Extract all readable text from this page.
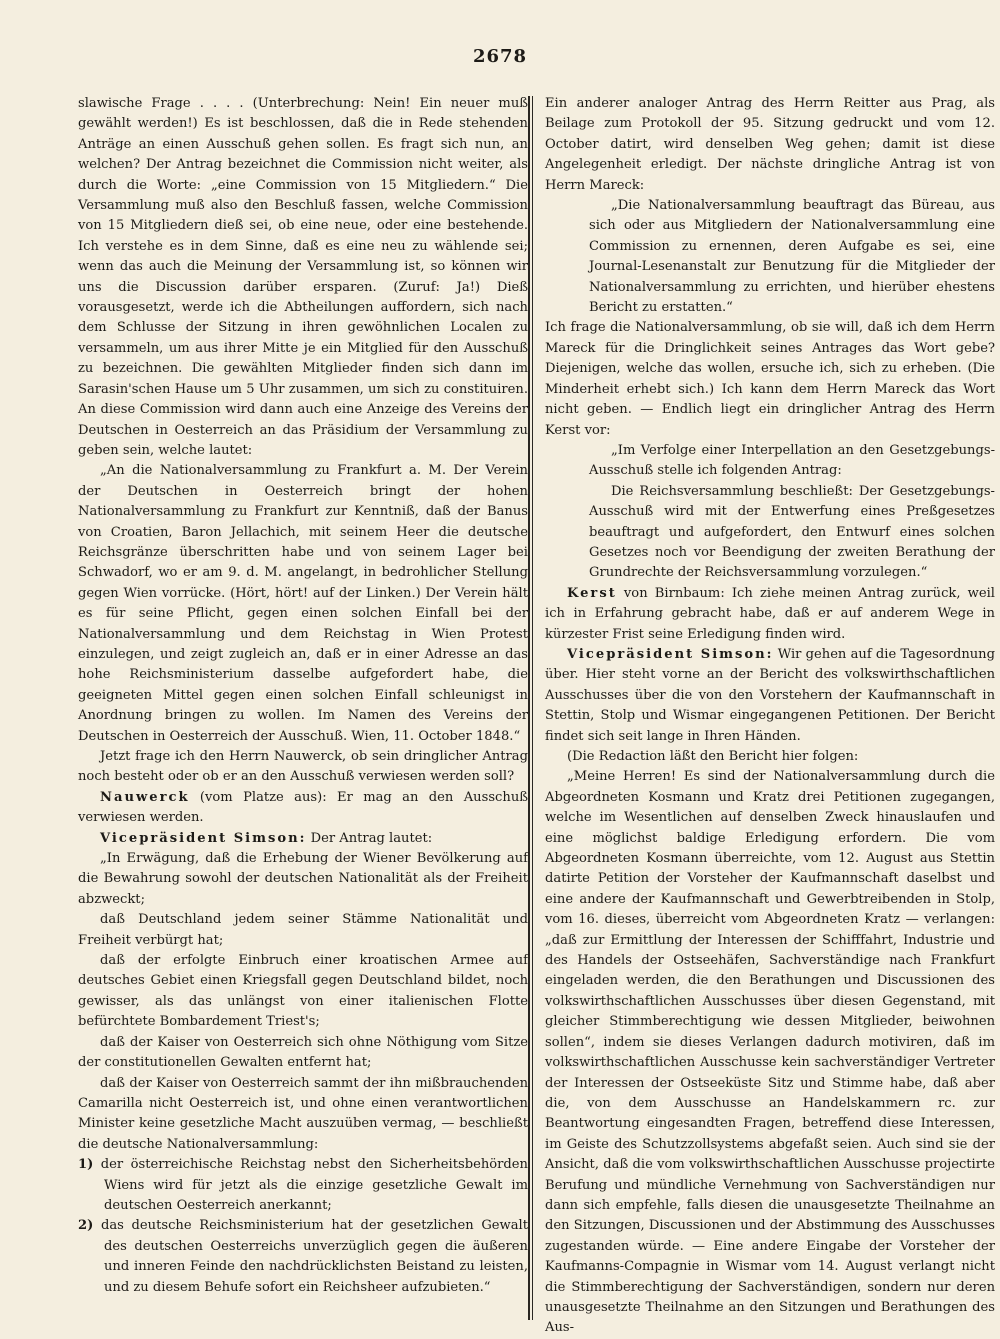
2678

slawische Frage . . . . (Unterbrechung: Nein! Ein neuer muß gewählt werden!) Es ist beschlossen, daß die in Rede stehenden Anträge an einen Ausschuß gehen sollen. Es fragt sich nun, an welchen? Der Antrag bezeichnet die Commission nicht weiter, als durch die Worte: „eine Commission von 15 Mitgliedern.“ Die Versammlung muß also den Beschluß fassen, welche Commission von 15 Mitgliedern dieß sei, ob eine neue, oder eine bestehende. Ich verstehe es in dem Sinne, daß es eine neu zu wählende sei; wenn das auch die Meinung der Versammlung ist, so können wir uns die Discussion darüber ersparen. (Zuruf: Ja!) Dieß vorausgesetzt, werde ich die Abtheilungen auffordern, sich nach dem Schlusse der Sitzung in ihren gewöhnlichen Localen zu versammeln, um aus ihrer Mitte je ein Mitglied für den Ausschuß zu bezeichnen. Die gewählten Mitglieder finden sich dann im Sarasin'schen Hause um 5 Uhr zusammen, um sich zu constituiren. An diese Commission wird dann auch eine Anzeige des Vereins der Deutschen in Oesterreich an das Präsidium der Versammlung zu geben sein, welche lautet:

„An die Nationalversammlung zu Frankfurt a. M. Der Verein der Deutschen in Oesterreich bringt der hohen Nationalversammlung zu Frankfurt zur Kenntniß, daß der Banus von Croatien, Baron Jellachich, mit seinem Heer die deutsche Reichsgränze überschritten habe und von seinem Lager bei Schwadorf, wo er am 9. d. M. angelangt, in bedrohlicher Stellung gegen Wien vorrücke. (Hört, hört! auf der Linken.) Der Verein hält es für seine Pflicht, gegen einen solchen Einfall bei der Nationalversammlung und dem Reichstag in Wien Protest einzulegen, und zeigt zugleich an, daß er in einer Adresse an das hohe Reichsministerium dasselbe aufgefordert habe, die geeigneten Mittel gegen einen solchen Einfall schleunigst in Anordnung bringen zu wollen. Im Namen des Vereins der Deutschen in Oesterreich der Ausschuß. Wien, 11. October 1848.“

Jetzt frage ich den Herrn Nauwerck, ob sein dringlicher Antrag noch besteht oder ob er an den Ausschuß verwiesen werden soll?

Nauwerck (vom Platze aus): Er mag an den Ausschuß verwiesen werden.

Vicepräsident Simson: Der Antrag lautet:

„In Erwägung, daß die Erhebung der Wiener Bevölkerung auf die Bewahrung sowohl der deutschen Nationalität als der Freiheit abzweckt;

daß Deutschland jedem seiner Stämme Nationalität und Freiheit verbürgt hat;

daß der erfolgte Einbruch einer kroatischen Armee auf deutsches Gebiet einen Kriegsfall gegen Deutschland bildet, noch gewisser, als das unlängst von einer italienischen Flotte befürchtete Bombardement Triest's;

daß der Kaiser von Oesterreich sich ohne Nöthigung vom Sitze der constitutionellen Gewalten entfernt hat;

daß der Kaiser von Oesterreich sammt der ihn mißbrauchenden Camarilla nicht Oesterreich ist, und ohne einen verantwortlichen Minister keine gesetzliche Macht auszuüben vermag, — beschließt die deutsche Nationalversammlung:

1) der österreichische Reichstag nebst den Sicherheitsbehörden Wiens wird für jetzt als die einzige gesetzliche Gewalt im deutschen Oesterreich anerkannt;

2) das deutsche Reichsministerium hat der gesetzlichen Gewalt des deutschen Oesterreichs unverzüglich gegen die äußeren und inneren Feinde den nachdrücklichsten Beistand zu leisten, und zu diesem Behufe sofort ein Reichsheer aufzubieten.“

Ein anderer analoger Antrag des Herrn Reitter aus Prag, als Beilage zum Protokoll der 95. Sitzung gedruckt und vom 12. October datirt, wird denselben Weg gehen; damit ist diese Angelegenheit erledigt. Der nächste dringliche Antrag ist von Herrn Mareck:

„Die Nationalversammlung beauftragt das Büreau, aus sich oder aus Mitgliedern der Nationalversammlung eine Commission zu ernennen, deren Aufgabe es sei, eine Journal-Lesenanstalt zur Benutzung für die Mitglieder der Nationalversammlung zu errichten, und hierüber ehestens Bericht zu erstatten.“

Ich frage die Nationalversammlung, ob sie will, daß ich dem Herrn Mareck für die Dringlichkeit seines Antrages das Wort gebe? Diejenigen, welche das wollen, ersuche ich, sich zu erheben. (Die Minderheit erhebt sich.) Ich kann dem Herrn Mareck das Wort nicht geben. — Endlich liegt ein dringlicher Antrag des Herrn Kerst vor:

„Im Verfolge einer Interpellation an den Gesetzgebungs-Ausschuß stelle ich folgenden Antrag:

Die Reichsversammlung beschließt: Der Gesetzgebungs-Ausschuß wird mit der Entwerfung eines Preßgesetzes beauftragt und aufgefordert, den Entwurf eines solchen Gesetzes noch vor Beendigung der zweiten Berathung der Grundrechte der Reichsversammlung vorzulegen.“

Kerst von Birnbaum: Ich ziehe meinen Antrag zurück, weil ich in Erfahrung gebracht habe, daß er auf anderem Wege in kürzester Frist seine Erledigung finden wird.

Vicepräsident Simson: Wir gehen auf die Tagesordnung über. Hier steht vorne an der Bericht des volkswirthschaftlichen Ausschusses über die von den Vorstehern der Kaufmannschaft in Stettin, Stolp und Wismar eingegangenen Petitionen. Der Bericht findet sich seit lange in Ihren Händen.

(Die Redaction läßt den Bericht hier folgen:

„Meine Herren! Es sind der Nationalversammlung durch die Abgeordneten Kosmann und Kratz drei Petitionen zugegangen, welche im Wesentlichen auf denselben Zweck hinauslaufen und eine möglichst baldige Erledigung erfordern. Die vom Abgeordneten Kosmann überreichte, vom 12. August aus Stettin datirte Petition der Vorsteher der Kaufmannschaft daselbst und eine andere der Kaufmannschaft und Gewerbtreibenden in Stolp, vom 16. dieses, überreicht vom Abgeordneten Kratz — verlangen: „daß zur Ermittlung der Interessen der Schifffahrt, Industrie und des Handels der Ostseehäfen, Sachverständige nach Frankfurt eingeladen werden, die den Berathungen und Discussionen des volkswirthschaftlichen Ausschusses über diesen Gegenstand, mit gleicher Stimmberechtigung wie dessen Mitglieder, beiwohnen sollen“, indem sie dieses Verlangen dadurch motiviren, daß im volkswirthschaftlichen Ausschusse kein sachverständiger Vertreter der Interessen der Ostseeküste Sitz und Stimme habe, daß aber die, von dem Ausschusse an Handelskammern rc. zur Beantwortung eingesandten Fragen, betreffend diese Interessen, im Geiste des Schutzzollsystems abgefaßt seien. Auch sind sie der Ansicht, daß die vom volkswirthschaftlichen Ausschusse projectirte Berufung und mündliche Vernehmung von Sachverständigen nur dann sich empfehle, falls diesen die unausgesetzte Theilnahme an den Sitzungen, Discussionen und der Abstimmung des Ausschusses zugestanden würde. — Eine andere Eingabe der Vorsteher der Kaufmanns-Compagnie in Wismar vom 14. August verlangt nicht die Stimmberechtigung der Sachverständigen, sondern nur deren unausgesetzte Theilnahme an den Sitzungen und Berathungen des Aus-
